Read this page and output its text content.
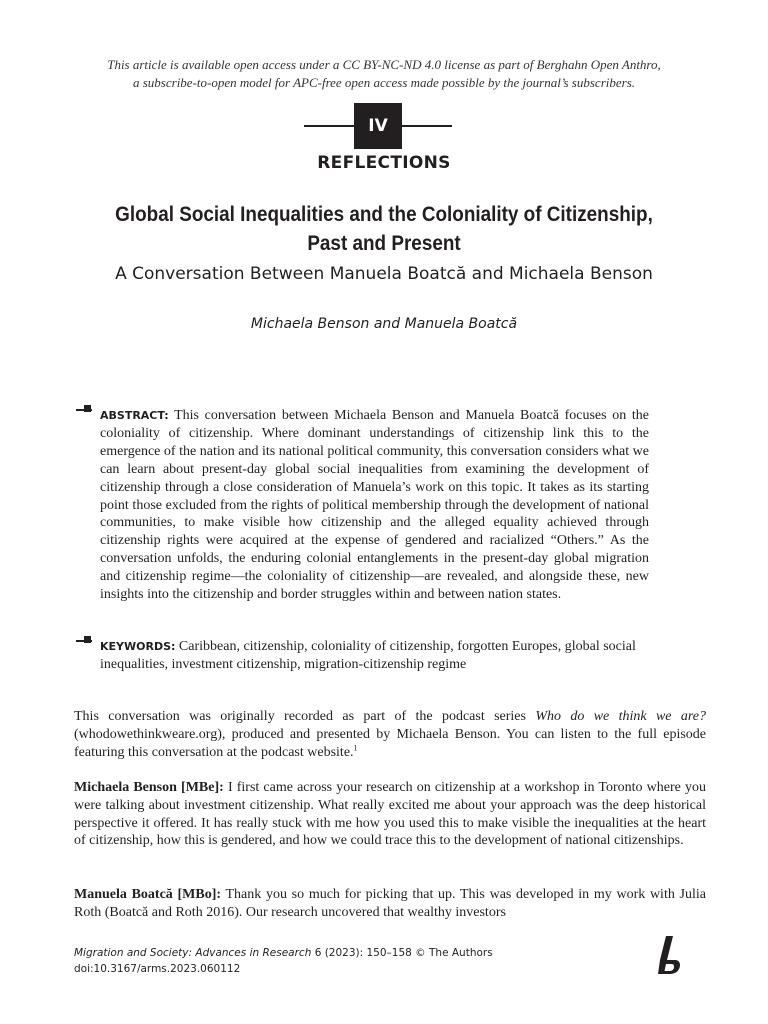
This article is available open access under a CC BY-NC-ND 4.0 license as part of Berghahn Open Anthro,
a subscribe-to-open model for APC-free open access made possible by the journal’s subscribers.
IV
REFLECTIONS
Global Social Inequalities and the Coloniality of Citizenship,
Past and Present
A Conversation Between Manuela Boatcă and Michaela Benson
Michaela Benson and Manuela Boatcă

ABSTRACT: This conversation between Michaela Benson and Manuela Boatcă focuses on the coloniality of citizenship. Where dominant understandings of citizenship link this to the emergence of the nation and its national political community, this conversation considers what we can learn about present-day global social inequalities from examining the development of citizenship through a close consideration of Manuela’s work on this topic. It takes as its starting point those excluded from the rights of political membership through the development of national communities, to make visible how citizenship and the alleged equality achieved through citizenship rights were acquired at the expense of gendered and racialized “Others.” As the conversation unfolds, the enduring colonial entanglements in the present-day global migration and citizenship regime—the coloniality of citizenship—are revealed, and alongside these, new insights into the citizenship and border struggles within and between nation states.

KEYWORDS: Caribbean, citizenship, coloniality of citizenship, forgotten Europes, global social inequalities, investment citizenship, migration-citizenship regime

This conversation was originally recorded as part of the podcast series Who do we think we are? (whodowethinkweare.org), produced and presented by Michaela Benson. You can listen to the full episode featuring this conversation at the podcast website.$^1$

Michaela Benson [MBe]: I first came across your research on citizenship at a workshop in Toronto where you were talking about investment citizenship. What really excited me about your approach was the deep historical perspective it offered. It has really stuck with me how you used this to make visible the inequalities at the heart of citizenship, how this is gendered, and how we could trace this to the development of national citizenships.

Manuela Boatcă [MBo]: Thank you so much for picking that up. This was developed in my work with Julia Roth (Boatcă and Roth 2016). Our research uncovered that wealthy investors

Migration and Society: Advances in Research 6 (2023): 150–158 © The Authors
doi:10.3167/arms.2023.060112
